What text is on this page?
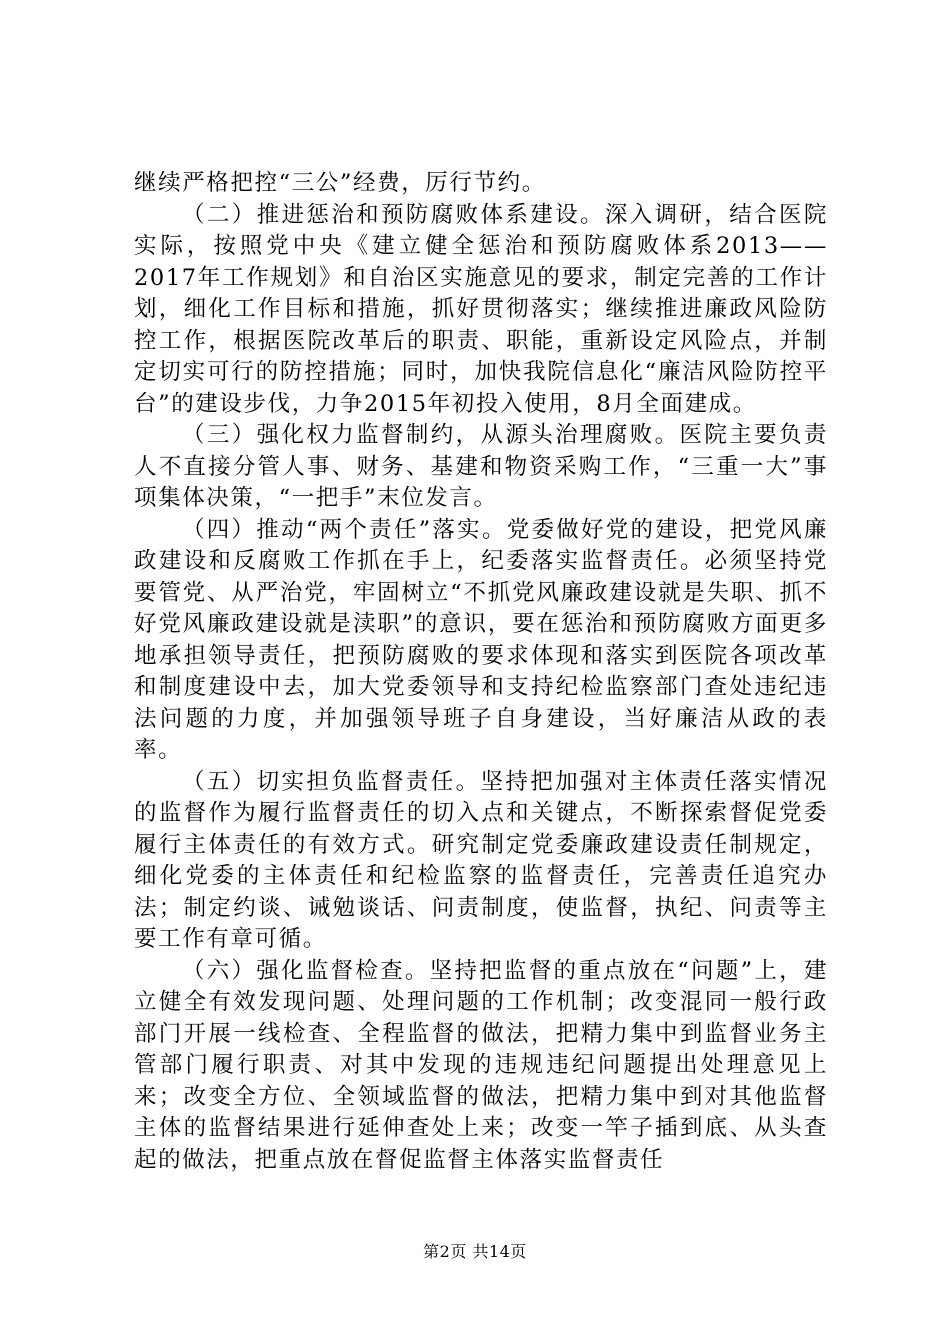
继续严格把控“三公”经费，厉行节约。

（二）推进惩治和预防腐败体系建设。深入调研，结合医院实际，按照党中央《建立健全惩治和预防腐败体系2013——2017年工作规划》和自治区实施意见的要求，制定完善的工作计划，细化工作目标和措施，抓好贯彻落实；继续推进廉政风险防控工作，根据医院改革后的职责、职能，重新设定风险点，并制定切实可行的防控措施；同时，加快我院信息化“廉洁风险防控平台”的建设步伐，力争2015年初投入使用，8月全面建成。

（三）强化权力监督制约，从源头治理腐败。医院主要负责人不直接分管人事、财务、基建和物资采购工作，“三重一大”事项集体决策，“一把手”末位发言。

（四）推动“两个责任”落实。党委做好党的建设，把党风廉政建设和反腐败工作抓在手上，纪委落实监督责任。必须坚持党要管党、从严治党，牢固树立“不抓党风廉政建设就是失职、抓不好党风廉政建设就是渎职”的意识，要在惩治和预防腐败方面更多地承担领导责任，把预防腐败的要求体现和落实到医院各项改革和制度建设中去，加大党委领导和支持纪检监察部门查处违纪违法问题的力度，并加强领导班子自身建设，当好廉洁从政的表率。

（五）切实担负监督责任。坚持把加强对主体责任落实情况的监督作为履行监督责任的切入点和关键点，不断探索督促党委履行主体责任的有效方式。研究制定党委廉政建设责任制规定，细化党委的主体责任和纪检监察的监督责任，完善责任追究办法；制定约谈、诫勉谈话、问责制度，使监督，执纪、问责等主要工作有章可循。

（六）强化监督检查。坚持把监督的重点放在“问题”上，建立健全有效发现问题、处理问题的工作机制；改变混同一般行政部门开展一线检查、全程监督的做法，把精力集中到监督业务主管部门履行职责、对其中发现的违规违纪问题提出处理意见上来；改变全方位、全领域监督的做法，把精力集中到对其他监督主体的监督结果进行延伸查处上来；改变一竿子插到底、从头查起的做法，把重点放在督促监督主体落实监督责任

第2页 共14页
